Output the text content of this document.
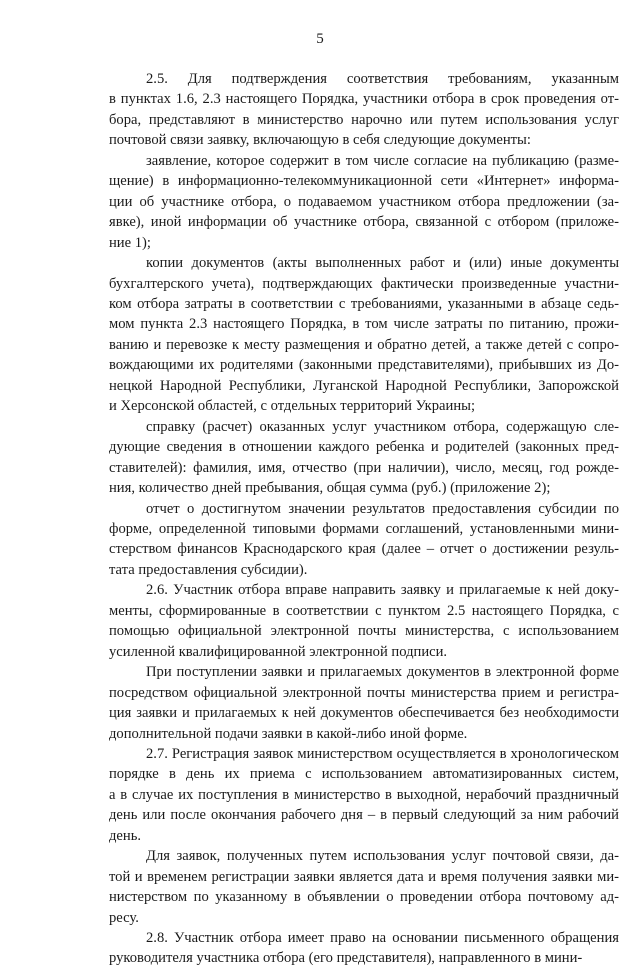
5
2.5. Для подтверждения соответствия требованиям, указанным
в пунктах 1.6, 2.3 настоящего Порядка, участники отбора в срок проведения от-
бора, представляют в министерство нарочно или путем использования услуг
почтовой связи заявку, включающую в себя следующие документы:
заявление, которое содержит в том числе согласие на публикацию (разме-
щение) в информационно-телекоммуникационной сети «Интернет» информа-
ции об участнике отбора, о подаваемом участником отбора предложении (за-
явке), иной информации об участнике отбора, связанной с отбором (приложе-
ние 1);
копии документов (акты выполненных работ и (или) иные документы
бухгалтерского учета), подтверждающих фактически произведенные участни-
ком отбора затраты в соответствии с требованиями, указанными в абзаце седь-
мом пункта 2.3 настоящего Порядка, в том числе затраты по питанию, прожи-
ванию и перевозке к месту размещения и обратно детей, а также детей с сопро-
вождающими их родителями (законными представителями), прибывших из До-
нецкой Народной Республики, Луганской Народной Республики, Запорожской
и Херсонской областей, с отдельных территорий Украины;
справку (расчет) оказанных услуг участником отбора, содержащую сле-
дующие сведения в отношении каждого ребенка и родителей (законных пред-
ставителей): фамилия, имя, отчество (при наличии), число, месяц, год рожде-
ния, количество дней пребывания, общая сумма (руб.) (приложение 2);
отчет о достигнутом значении результатов предоставления субсидии по
форме, определенной типовыми формами соглашений, установленными мини-
стерством финансов Краснодарского края (далее – отчет о достижении резуль-
тата предоставления субсидии).
2.6. Участник отбора вправе направить заявку и прилагаемые к ней доку-
менты, сформированные в соответствии с пунктом 2.5 настоящего Порядка, с
помощью официальной электронной почты министерства, с использованием
усиленной квалифицированной электронной подписи.
При поступлении заявки и прилагаемых документов в электронной форме
посредством официальной электронной почты министерства прием и регистра-
ция заявки и прилагаемых к ней документов обеспечивается без необходимости
дополнительной подачи заявки в какой-либо иной форме.
2.7. Регистрация заявок министерством осуществляется в хронологическом
порядке в день их приема с использованием автоматизированных систем,
а в случае их поступления в министерство в выходной, нерабочий праздничный
день или после окончания рабочего дня – в первый следующий за ним рабочий
день.
Для заявок, полученных путем использования услуг почтовой связи, да-
той и временем регистрации заявки является дата и время получения заявки ми-
нистерством по указанному в объявлении о проведении отбора почтовому ад-
ресу.
2.8. Участник отбора имеет право на основании письменного обращения
руководителя участника отбора (его представителя), направленного в мини-
